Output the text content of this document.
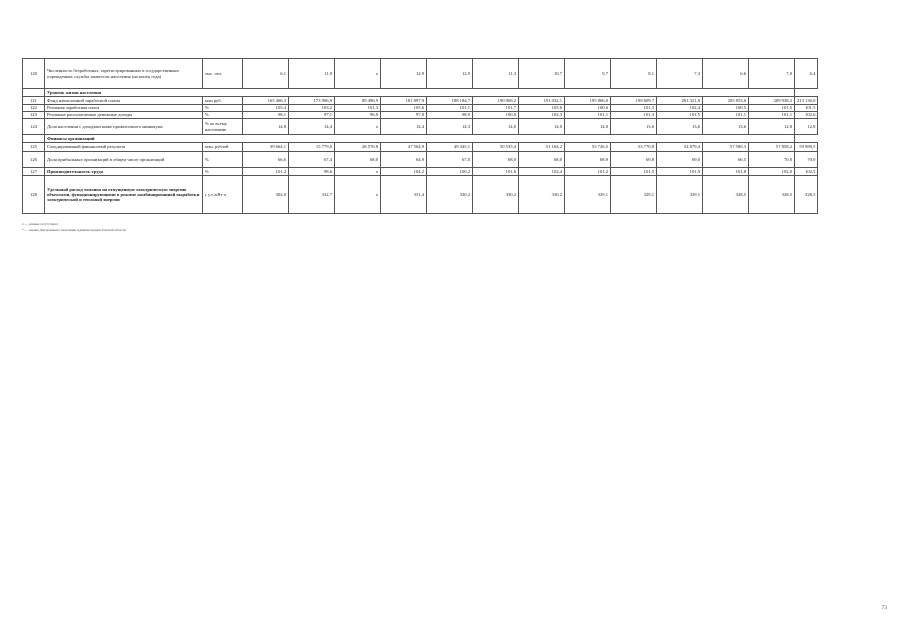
120	Численность безработных, зарегистрированных в государственных учреждениях службы занятости населения (на конец года)	тыс. чел.	6,1	11,9	x	12,9	12,9	11,3	10,7	9,7	8,1	7,3	6,6	7,0	6,4
	Уровень жизни населения														
121	Фонд начисленной заработной платы	млн руб.	165 466,3	173 906,9	89 496,9	181 897,9	188 184,7	190 069,2	191 032,1	195 866,0	199 609,7	201 321,0	205 853,6	209 938,2	213 136,0
122	Реальная заработная плата	%	105,4	103,2	101,3	105,6	101,1	101,7	105,6	100,6	101,3	102,4	100,5	101,5	101,5
123	Реальные располагаемые денежные доходы	%	98,1	97,1	96,0	97,8	98,9	100,0	102,3	101,1	101,3	101,5	101,1	101,1	102,6
124	Доля населения с доходами ниже прожиточного минимума	% ко всему населению	14,8	14,4	x	14,4	14,3	14,0	14,0	14,0	13,6	13,6	13,6	12,8	12,8
	Финансы организаций														
125	Сальдированный финансовый результат	млн. рублей	39 664,1	15 779,0	28 570,8	47 564,9	49 445,1	50 535,4	51 164,2	53 726,5	53 770,8	54 879,4	57 580,3	57 858,2	59 989,5
126	Доля прибыльных организаций в общем числе организаций	%	66,6	67,4	68,0	64,9	67,0	68,0	68,0	68,9	69,8	69,0	66,5	70,0	70,0
127	Производительность труда	%	101,2	98,6	x	104,2	100,2	101,6	102,4	101,2	101,5	101,9	101,8	102,0	102,5
128	Удельный расход топлива на отпущенную электрическую энергию объектами, функционирующими в режиме комбинированной выработки электрической и тепловой энергии	г у.т./кВт·ч	302,0	332,7	x	331,4	330,2	330,2	330,2	329,1	329,1	329,1	328,5	328,5	328,5
x — данные отсутствуют
* — оценка Департамента экономики Администрации Томской области
73
